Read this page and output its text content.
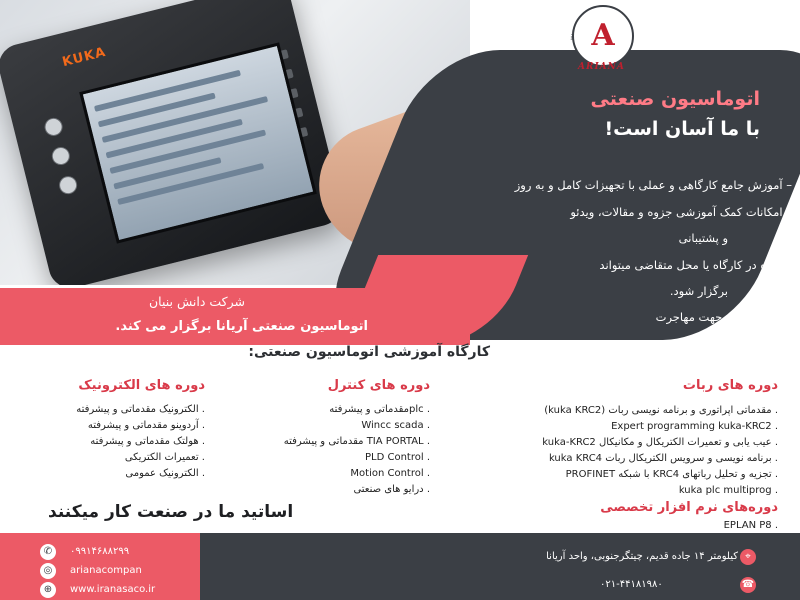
KUKA
A
ARIANA
اتوماسیون صنعتی
با ما آسان است!
– آموزش جامع کارگاهی و عملی با تجهیزات کامل و به روز
– امکانات کمک آموزشی جزوه و مقالات، ویدئو
و پشتیبانی
– دوره در کارگاه یا محل متقاضی میتواند
برگزار شود.
– مدرک معتبر جهت مهاجرت
شرکت دانش بنیان
اتوماسیون صنعتی آریانا برگزار می کند.
کارگاه آموزشی اتوماسیون صنعتی:
دوره های ربات
. مقدماتی اپراتوری و برنامه نویسی ربات (kuka KRC2)
. Expert programming kuka-KRC2
. عیب یابی و تعمیرات الکتریکال و مکانیکال kuka-KRC2
. برنامه نویسی و سرویس الکتریکال ربات kuka KRC4
. تجزیه و تحلیل رباتهای KRC4 با شبکه PROFINET
. kuka plc multiprog
دوره‌های نرم افزار تخصصی
. EPLAN P8
دوره های کنترل
. plcمقدماتی و پیشرفته
. Wincc scada
. TIA PORTAL مقدماتی و پیشرفته
. PLD Control
. Motion Control
. درایو های صنعتی
دوره های الکترونیک
. الکترونیک مقدماتی و پیشرفته
. آردوینو مقدماتی و پیشرفته
. هولتک مقدماتی و پیشرفته
. تعمیرات الکتریکی
. الکترونیک عمومی
اساتید ما در صنعت کار میکنند
✆	۰۹۹۱۴۶۸۸۲۹۹
◎	arianacompan
⊕	www.iranasaco.ir
کیلومتر ۱۴ جاده قدیم، چیتگرجنوبی، واحد آریانا ⌖
۰۲۱-۴۴۱۸۱۹۸۰	☎
